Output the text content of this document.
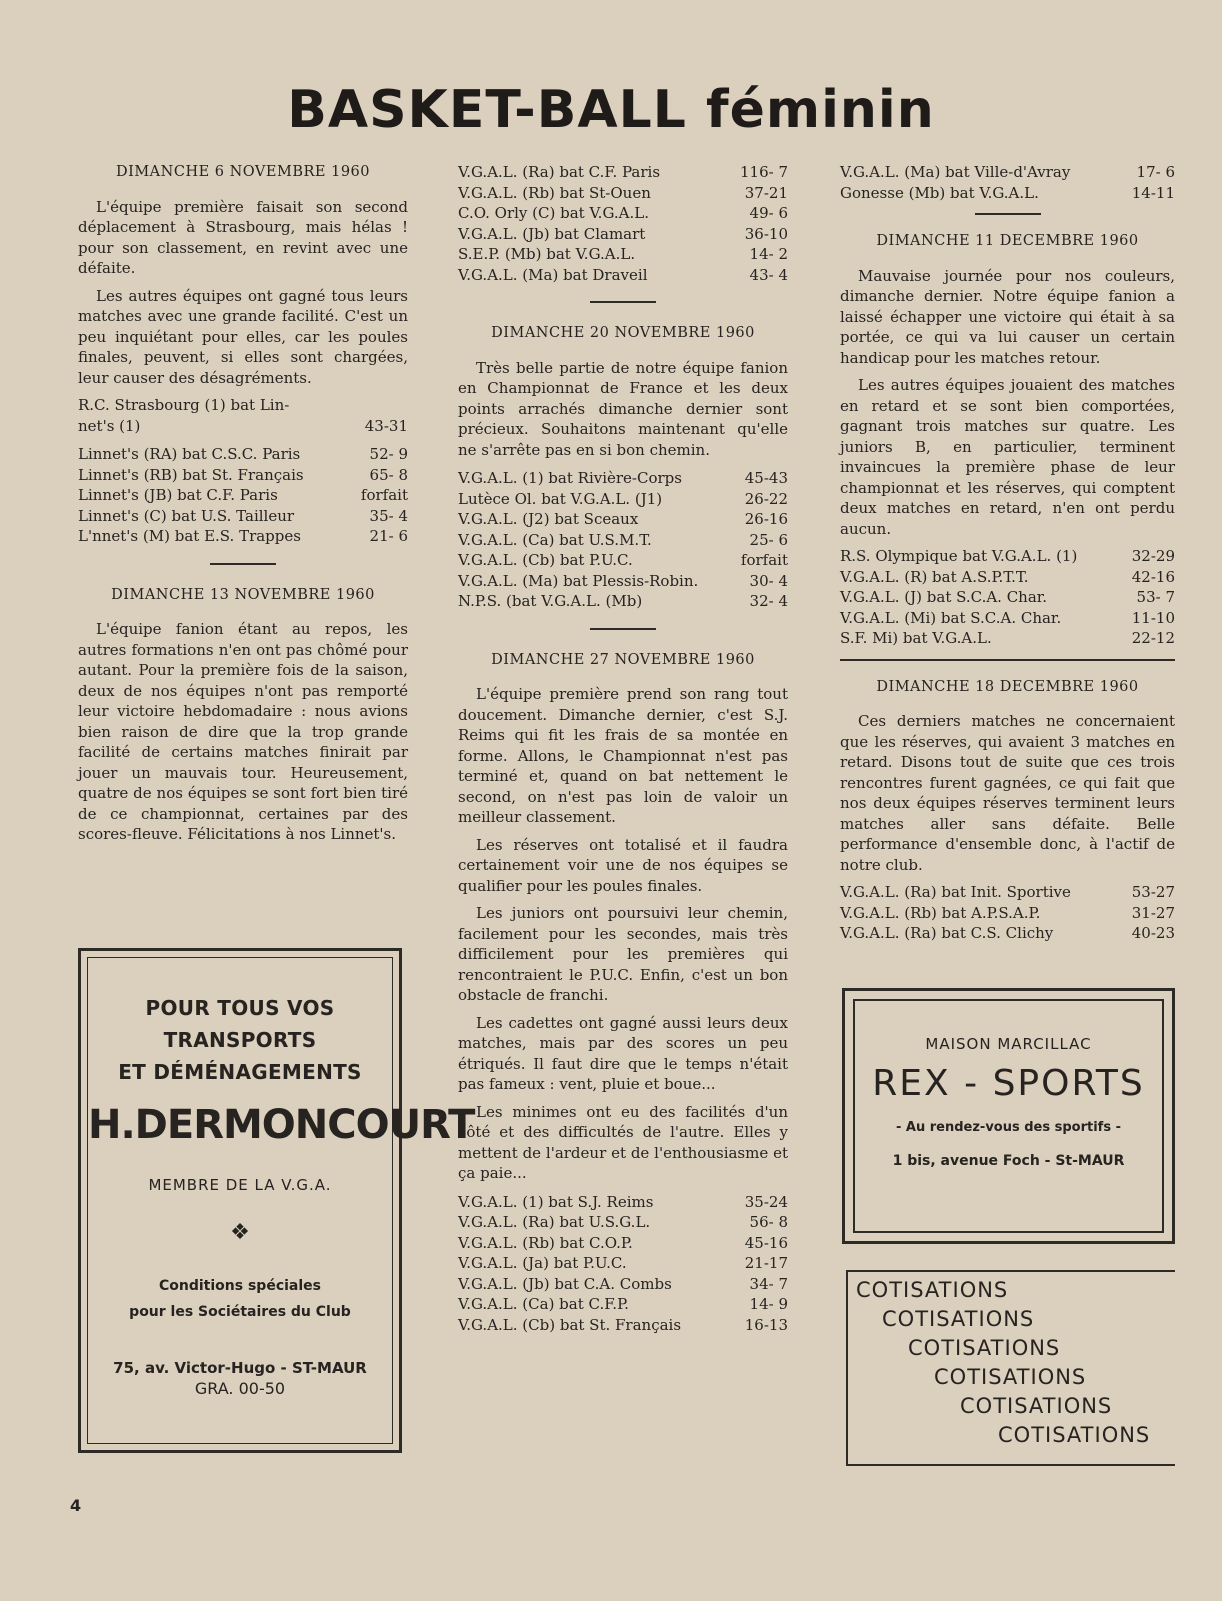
BASKET-BALL féminin
DIMANCHE 6 NOVEMBRE 1960
L'équipe première faisait son second déplacement à Strasbourg, mais hélas ! pour son classement, en revint avec une défaite.
Les autres équipes ont gagné tous leurs matches avec une grande facilité. C'est un peu inquiétant pour elles, car les poules finales, peuvent, si elles sont chargées, leur causer des désagréments.
R.C. Strasbourg (1) bat Lin-
net's (1)	43-31
Linnet's (RA) bat C.S.C. Paris	52- 9
Linnet's (RB) bat St. Français	65- 8
Linnet's (JB) bat C.F. Paris	forfait
Linnet's (C) bat U.S. Tailleur	35- 4
L'nnet's (M) bat E.S. Trappes	21- 6
DIMANCHE 13 NOVEMBRE 1960
L'équipe fanion étant au repos, les autres formations n'en ont pas chômé pour autant. Pour la première fois de la saison, deux de nos équipes n'ont pas remporté leur victoire hebdomadaire : nous avions bien raison de dire que la trop grande facilité de certains matches finirait par jouer un mauvais tour. Heureusement, quatre de nos équipes se sont fort bien tiré de ce championnat, certaines par des scores-fleuve. Félicitations à nos Linnet's.
V.G.A.L. (Ra) bat C.F. Paris	116- 7
V.G.A.L. (Rb) bat St-Ouen	37-21
C.O. Orly (C) bat V.G.A.L.	49- 6
V.G.A.L. (Jb) bat Clamart	36-10
S.E.P. (Mb) bat V.G.A.L.	14- 2
V.G.A.L. (Ma) bat Draveil	43- 4
DIMANCHE 20 NOVEMBRE 1960
Très belle partie de notre équipe fanion en Championnat de France et les deux points arrachés dimanche dernier sont précieux. Souhaitons maintenant qu'elle ne s'arrête pas en si bon chemin.
V.G.A.L. (1) bat Rivière-Corps	45-43
Lutèce Ol. bat V.G.A.L. (J1)	26-22
V.G.A.L. (J2) bat Sceaux	26-16
V.G.A.L. (Ca) bat U.S.M.T.	25- 6
V.G.A.L. (Cb) bat P.U.C.	forfait
V.G.A.L. (Ma) bat Plessis-Robin.	30- 4
N.P.S. (bat V.G.A.L. (Mb)	32- 4
DIMANCHE 27 NOVEMBRE 1960
L'équipe première prend son rang tout doucement. Dimanche dernier, c'est S.J. Reims qui fit les frais de sa montée en forme. Allons, le Championnat n'est pas terminé et, quand on bat nettement le second, on n'est pas loin de valoir un meilleur classement.
Les réserves ont totalisé et il faudra certainement voir une de nos équipes se qualifier pour les poules finales.
Les juniors ont poursuivi leur chemin, facilement pour les secondes, mais très difficilement pour les premières qui rencontraient le P.U.C. Enfin, c'est un bon obstacle de franchi.
Les cadettes ont gagné aussi leurs deux matches, mais par des scores un peu étriqués. Il faut dire que le temps n'était pas fameux : vent, pluie et boue...
Les minimes ont eu des facilités d'un côté et des difficultés de l'autre. Elles y mettent de l'ardeur et de l'enthousiasme et ça paie...
V.G.A.L. (1) bat S.J. Reims	35-24
V.G.A.L. (Ra) bat U.S.G.L.	56- 8
V.G.A.L. (Rb) bat C.O.P.	45-16
V.G.A.L. (Ja) bat P.U.C.	21-17
V.G.A.L. (Jb) bat C.A. Combs	34- 7
V.G.A.L. (Ca) bat C.F.P.	14- 9
V.G.A.L. (Cb) bat St. Français	16-13
V.G.A.L. (Ma) bat Ville-d'Avray	17- 6
Gonesse (Mb) bat V.G.A.L.	14-11
DIMANCHE 11 DECEMBRE 1960
Mauvaise journée pour nos couleurs, dimanche dernier. Notre équipe fanion a laissé échapper une victoire qui était à sa portée, ce qui va lui causer un certain handicap pour les matches retour.
Les autres équipes jouaient des matches en retard et se sont bien comportées, gagnant trois matches sur quatre. Les juniors B, en particulier, terminent invaincues la première phase de leur championnat et les réserves, qui comptent deux matches en retard, n'en ont perdu aucun.
R.S. Olympique bat V.G.A.L. (1)	32-29
V.G.A.L. (R) bat A.S.P.T.T.	42-16
V.G.A.L. (J) bat S.C.A. Char.	53- 7
V.G.A.L. (Mi) bat S.C.A. Char.	11-10
S.F. Mi) bat V.G.A.L.	22-12
DIMANCHE 18 DECEMBRE 1960
Ces derniers matches ne concernaient que les réserves, qui avaient 3 matches en retard. Disons tout de suite que ces trois rencontres furent gagnées, ce qui fait que nos deux équipes réserves terminent leurs matches aller sans défaite. Belle performance d'ensemble donc, à l'actif de notre club.
V.G.A.L. (Ra) bat Init. Sportive	53-27
V.G.A.L. (Rb) bat A.P.S.A.P.	31-27
V.G.A.L. (Ra) bat C.S. Clichy	40-23
POUR TOUS VOS TRANSPORTS
ET DÉMÉNAGEMENTS
H.DERMONCOURT
MEMBRE DE LA V.G.A.
❖
Conditions spéciales
pour les Sociétaires du Club
75, av. Victor-Hugo - ST-MAUR
GRA. 00-50
MAISON MARCILLAC
REX - SPORTS
- Au rendez-vous des sportifs -
1 bis, avenue Foch - St-MAUR
COTISATIONS
COTISATIONS
COTISATIONS
COTISATIONS
COTISATIONS
COTISATIONS
4
